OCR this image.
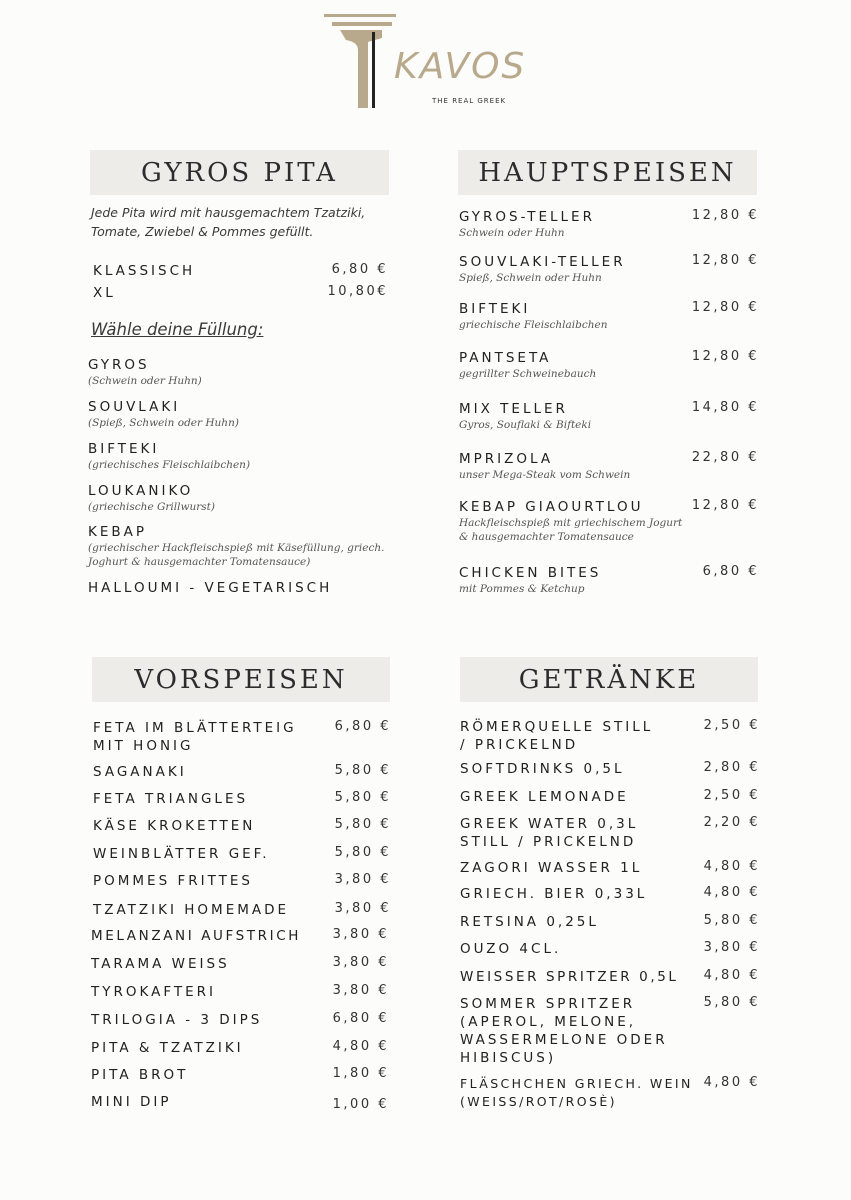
KAVOS
THE REAL GREEK
GYROS PITA
Jede Pita wird mit hausgemachtem Tzatziki, Tomate, Zwiebel & Pommes gefüllt.
KLASSISCH	6,80 €
XL	10,80€
Wähle deine Füllung:
GYROS
(Schwein oder Huhn)
SOUVLAKI
(Spieß, Schwein oder Huhn)
BIFTEKI
(griechisches Fleischlaibchen)
LOUKANIKO
(griechische Grillwurst)
KEBAP
(griechischer Hackfleischspieß mit Käsefüllung, griech. Joghurt & hausgemachter Tomatensauce)
HALLOUMI - VEGETARISCH
HAUPTSPEISEN
GYROS-TELLER
Schwein oder Huhn
12,80 €
SOUVLAKI-TELLER
Spieß, Schwein oder Huhn
12,80 €
BIFTEKI
griechische Fleischlaibchen
12,80 €
PANTSETA
gegrillter Schweinebauch
12,80 €
MIX TELLER
Gyros, Souflaki & Bifteki
14,80 €
MPRIZOLA
unser Mega-Steak vom Schwein
22,80 €
KEBAP GIAOURTLOU
Hackfleischspieß mit griechischem Jogurt & hausgemachter Tomatensauce
12,80 €
CHICKEN BITES
mit Pommes & Ketchup
6,80 €
VORSPEISEN
FETA IM BLÄTTERTEIG MIT HONIG
6,80 €
SAGANAKI	5,80 €
FETA TRIANGLES	5,80 €
KÄSE KROKETTEN	5,80 €
WEINBLÄTTER GEF.	5,80 €
POMMES FRITTES	3,80 €
TZATZIKI HOMEMADE	3,80 €
MELANZANI AUFSTRICH	3,80 €
TARAMA WEISS	3,80 €
TYROKAFTERI	3,80 €
TRILOGIA - 3 DIPS	6,80 €
PITA & TZATZIKI	4,80 €
PITA BROT	1,80 €
MINI DIP	1,00 €
GETRÄNKE
RÖMERQUELLE STILL / PRICKELND
2,50 €
SOFTDRINKS 0,5L	2,80 €
GREEK LEMONADE	2,50 €
GREEK WATER 0,3L STILL / PRICKELND
2,20 €
ZAGORI WASSER 1L	4,80 €
GRIECH. BIER 0,33L	4,80 €
RETSINA 0,25L	5,80 €
OUZO 4CL.	3,80 €
WEISSER SPRITZER 0,5L	4,80 €
SOMMER SPRITZER (APEROL, MELONE, WASSERMELONE ODER HIBISCUS)
5,80 €
FLÄSCHCHEN GRIECH. WEIN (WEISS/ROT/ROSÈ)
4,80 €
